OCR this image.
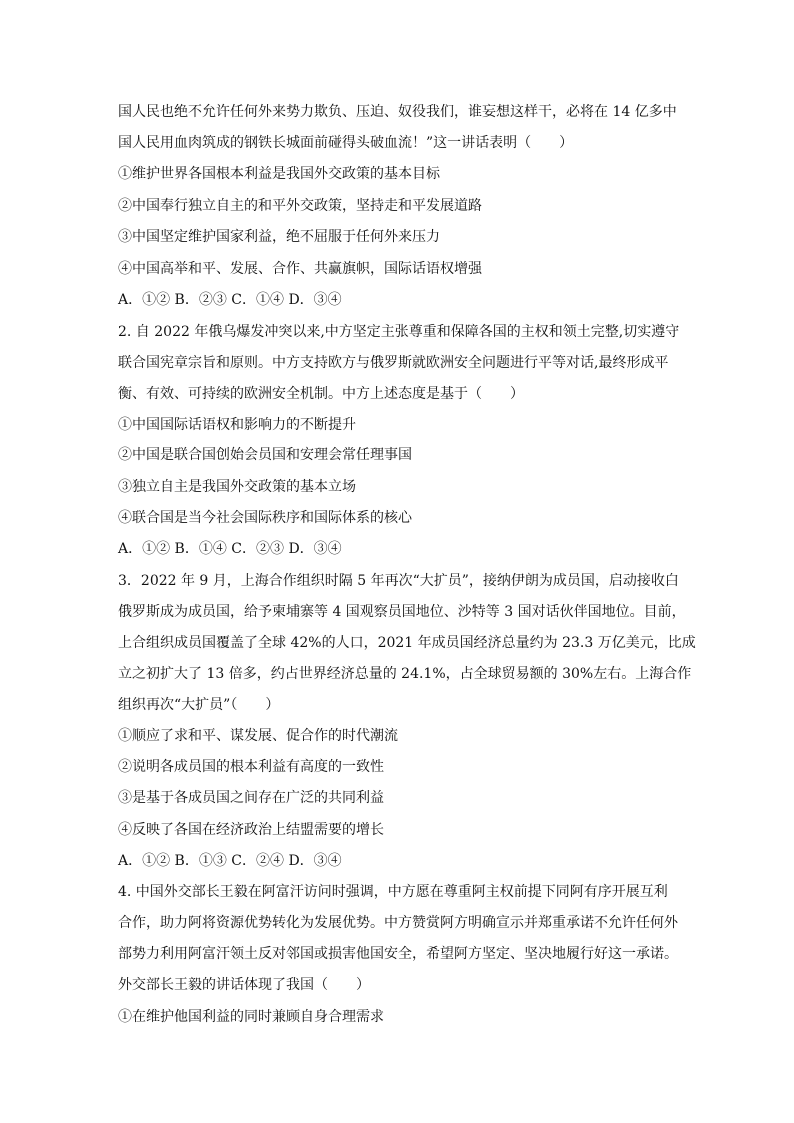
国人民也绝不允许任何外来势力欺负、压迫、奴役我们，谁妄想这样干，必将在 14 亿多中
国人民用血肉筑成的钢铁长城面前碰得头破血流！”这一讲话表明（　　）
①维护世界各国根本利益是我国外交政策的基本目标
②中国奉行独立自主的和平外交政策，坚持走和平发展道路
③中国坚定维护国家利益，绝不屈服于任何外来压力
④中国高举和平、发展、合作、共赢旗帜，国际话语权增强
A．①② B．②③ C．①④ D．③④
2. 自 2022 年俄乌爆发冲突以来,中方坚定主张尊重和保障各国的主权和领土完整,切实遵守
联合国宪章宗旨和原则。中方支持欧方与俄罗斯就欧洲安全问题进行平等对话,最终形成平
衡、有效、可持续的欧洲安全机制。中方上述态度是基于（　　）
①中国国际话语权和影响力的不断提升
②中国是联合国创始会员国和安理会常任理事国
③独立自主是我国外交政策的基本立场
④联合国是当今社会国际秩序和国际体系的核心
A．①② B．①④ C．②③ D．③④
3．2022 年 9 月，上海合作组织时隔 5 年再次“大扩员”，接纳伊朗为成员国，启动接收白
俄罗斯成为成员国，给予柬埔寨等 4 国观察员国地位、沙特等 3 国对话伙伴国地位。目前，
上合组织成员国覆盖了全球 42%的人口，2021 年成员国经济总量约为 23.3 万亿美元，比成
立之初扩大了 13 倍多，约占世界经济总量的 24.1%，占全球贸易额的 30%左右。上海合作
组织再次“大扩员”（　　）
①顺应了求和平、谋发展、促合作的时代潮流
②说明各成员国的根本利益有高度的一致性
③是基于各成员国之间存在广泛的共同利益
④反映了各国在经济政治上结盟需要的增长
A．①② B．①③ C．②④ D．③④
4. 中国外交部长王毅在阿富汗访问时强调，中方愿在尊重阿主权前提下同阿有序开展互利
合作，助力阿将资源优势转化为发展优势。中方赞赏阿方明确宣示并郑重承诺不允许任何外
部势力利用阿富汗领土反对邻国或损害他国安全，希望阿方坚定、坚决地履行好这一承诺。
外交部长王毅的讲话体现了我国（　　）
①在维护他国利益的同时兼顾自身合理需求
